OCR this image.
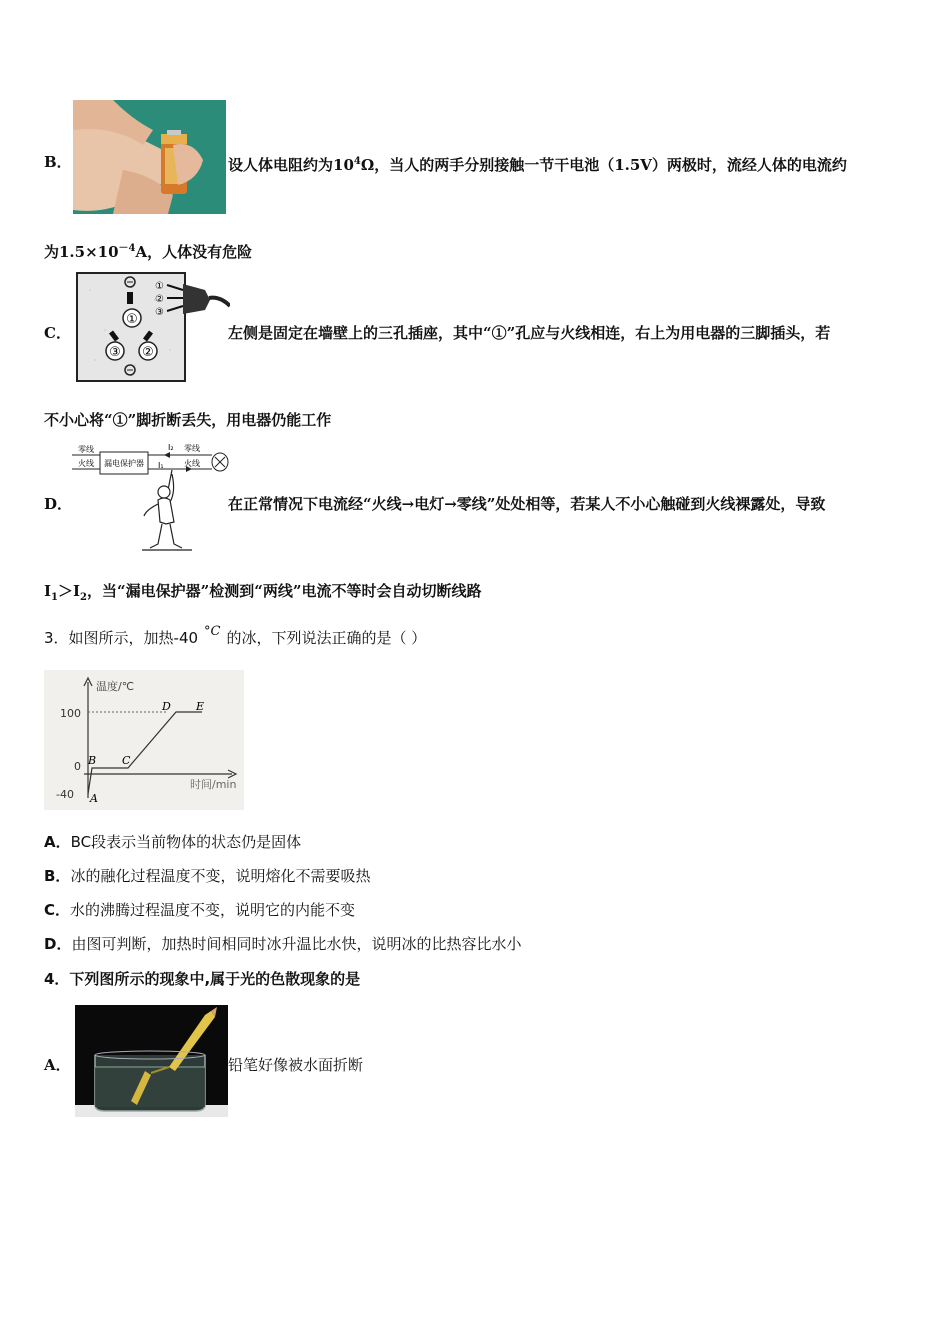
B．	设人体电阻约为$10^4\Omega$，当人的两手分别接触一节干电池（1.5V）两极时，流经人体的电流约
为$1.5\times 10^{-4}A$，人体没有危险
C．
①
③ ②
①
②
③
左侧是固定在墙壁上的三孔插座，其中“①”孔应与火线相连，右上为用电器的三脚插头，若
不小心将“①”脚折断丢失，用电器仍能工作
D．
零线
火线 漏电保护器
I₂
I₁
零线
火线
在正常情况下电流经“火线→电灯→零线”处处相等，若某人不小心触碰到火线裸露处，导致
$I_1>I_2$，当“漏电保护器”检测到“两线”电流不等时会自动切断线路
3．如图所示，加热-40 °C 的冰，下列说法正确的是（ ）
温度/℃
时间/min
100
0
-40 A
B C
D E
A．BC段表示当前物体的状态仍是固体
B．冰的融化过程温度不变，说明熔化不需要吸热
C．水的沸腾过程温度不变，说明它的内能不变
D．由图可判断，加热时间相同时冰升温比水快，说明冰的比热容比水小
4．下列图所示的现象中,属于光的色散现象的是
A．	铅笔好像被水面折断
